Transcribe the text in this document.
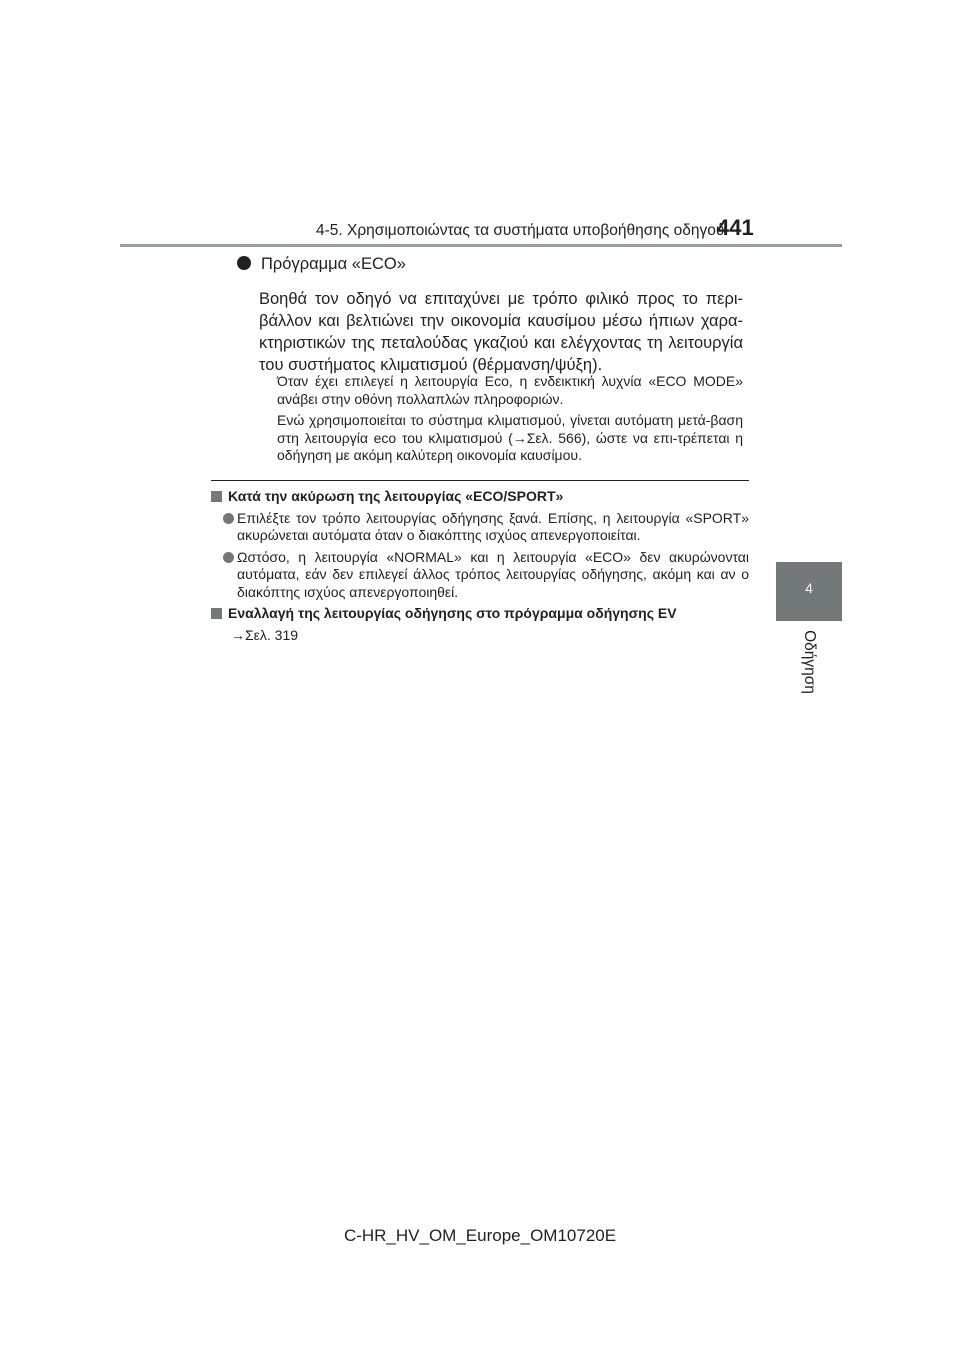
4-5. Χρησιμοποιώντας τα συστήματα υποβοήθησης οδηγού
441
4
Οδήγηση
Πρόγραμμα «ECO»
Βοηθά τον οδηγό να επιταχύνει με τρόπο φιλικό προς το περι-βάλλον και βελτιώνει την οικονομία καυσίμου μέσω ήπιων χαρα-κτηριστικών της πεταλούδας γκαζιού και ελέγχοντας τη λειτουργία του συστήματος κλιματισμού (θέρμανση/ψύξη).

Όταν έχει επιλεγεί η λειτουργία Eco, η ενδεικτική λυχνία «ECO MODE» ανάβει στην οθόνη πολλαπλών πληροφοριών.

Ενώ χρησιμοποιείται το σύστημα κλιματισμού, γίνεται αυτόματη μετά-βαση στη λειτουργία eco του κλιματισμού (→Σελ. 566), ώστε να επι-τρέπεται η οδήγηση με ακόμη καλύτερη οικονομία καυσίμου.

Κατά την ακύρωση της λειτουργίας «ECO/SPORT»
Επιλέξτε τον τρόπο λειτουργίας οδήγησης ξανά. Επίσης, η λειτουργία «SPORT» ακυρώνεται αυτόματα όταν ο διακόπτης ισχύος απενεργοποιείται.
Ωστόσο, η λειτουργία «NORMAL» και η λειτουργία «ECO» δεν ακυρώνονται αυτόματα, εάν δεν επιλεγεί άλλος τρόπος λειτουργίας οδήγησης, ακόμη και αν ο διακόπτης ισχύος απενεργοποιηθεί.
Εναλλαγή της λειτουργίας οδήγησης στο πρόγραμμα οδήγησης EV
→Σελ. 319
C-HR_HV_OM_Europe_OM10720E
